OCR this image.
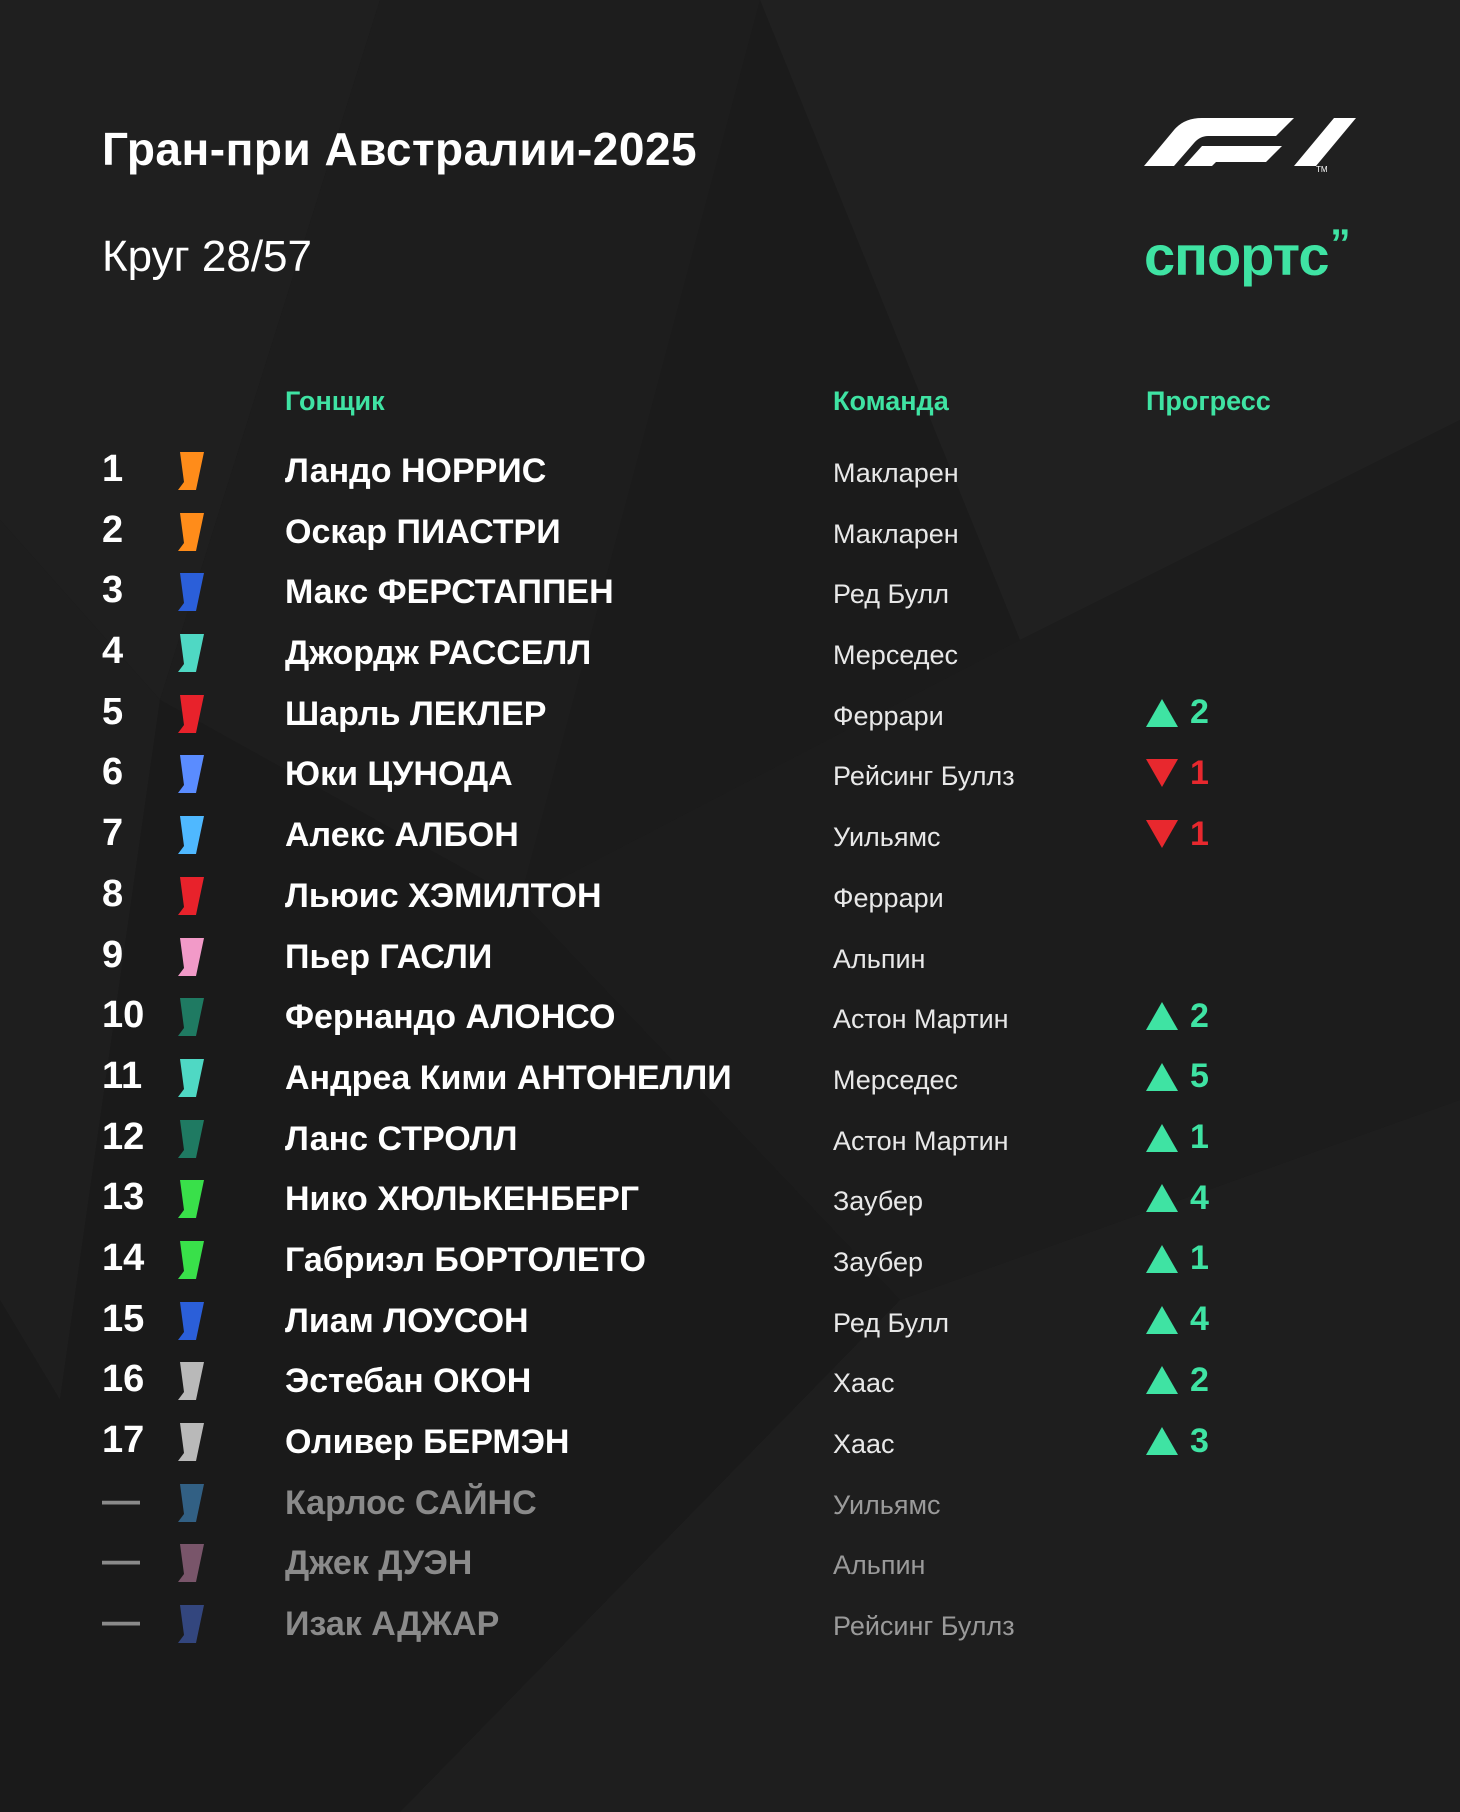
Гран-при Австралии-2025
Круг 28/57
TM
спортс’’
Гонщик	Команда	Прогресс
1	Ландо НОРРИС	Макларен
2	Оскар ПИАСТРИ	Макларен
3	Макс ФЕРСТАППЕН	Ред Булл
4	Джордж РАССЕЛЛ	Мерседес
5	Шарль ЛЕКЛЕР	Феррари	2
6	Юки ЦУНОДА	Рейсинг Буллз	1
7	Алекс АЛБОН	Уильямс	1
8	Льюис ХЭМИЛТОН	Феррари
9	Пьер ГАСЛИ	Альпин
10	Фернандо АЛОНСО	Астон Мартин	2
11	Андреа Кими АНТОНЕЛЛИ	Мерседес	5
12	Ланс СТРОЛЛ	Астон Мартин	1
13	Нико ХЮЛЬКЕНБЕРГ	Заубер	4
14	Габриэл БОРТОЛЕТО	Заубер	1
15	Лиам ЛОУСОН	Ред Булл	4
16	Эстебан ОКОН	Хаас	2
17	Оливер БЕРМЭН	Хаас	3
—	Карлос САЙНС	Уильямс
—	Джек ДУЭН	Альпин
—	Изак АДЖАР	Рейсинг Буллз
